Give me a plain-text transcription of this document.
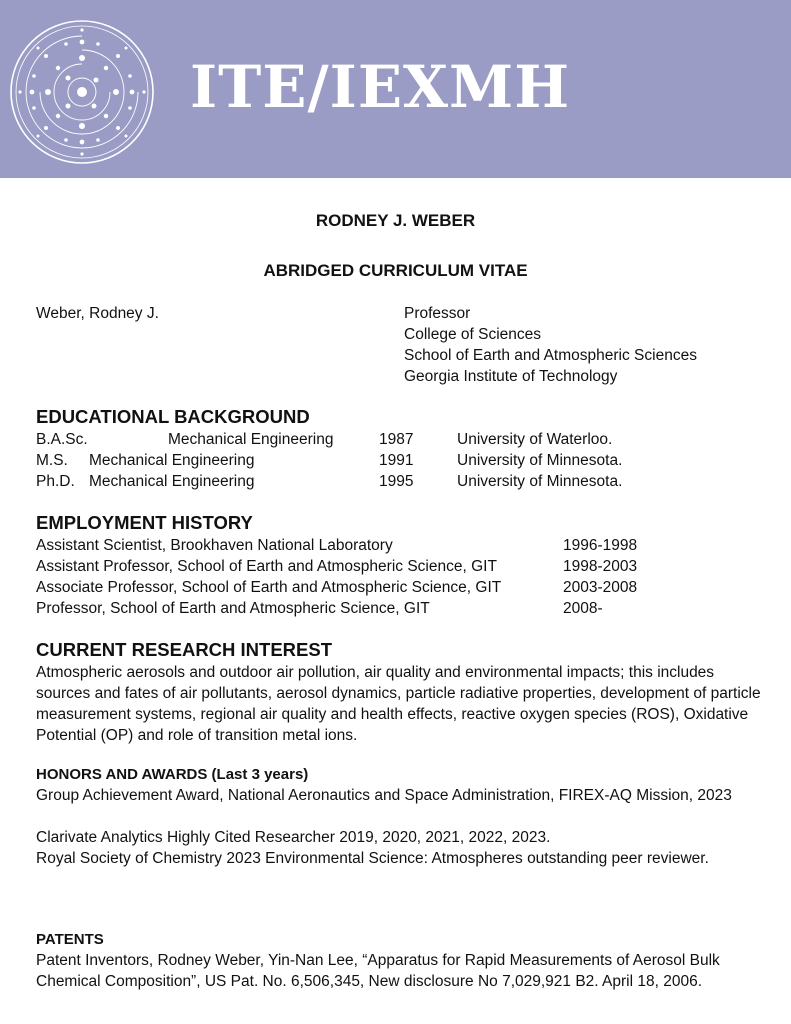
ITE/IEXMH
RODNEY J. WEBER
ABRIDGED CURRICULUM VITAE
Weber, Rodney J.	Professor
College of Sciences
School of Earth and Atmospheric Sciences
Georgia Institute of Technology
EDUCATIONAL BACKGROUND
B.A.Sc.	Mechanical Engineering	1987	University of Waterloo.
M.S. Mechanical Engineering	1991	University of Minnesota.
Ph.D. Mechanical Engineering	1995	University of Minnesota.
EMPLOYMENT HISTORY
Assistant Scientist, Brookhaven National Laboratory	1996-1998
Assistant Professor, School of Earth and Atmospheric Science, GIT	1998-2003
Associate Professor, School of Earth and Atmospheric Science, GIT	2003-2008
Professor, School of Earth and Atmospheric Science, GIT	2008-
CURRENT RESEARCH INTEREST
Atmospheric aerosols and outdoor air pollution, air quality and environmental impacts; this includes sources and fates of air pollutants, aerosol dynamics, particle radiative properties, development of particle measurement systems, regional air quality and health effects, reactive oxygen species (ROS), Oxidative Potential (OP) and role of transition metal ions.
HONORS AND AWARDS (Last 3 years)
Group Achievement Award, National Aeronautics and Space Administration, FIREX-AQ Mission, 2023
Clarivate Analytics Highly Cited Researcher 2019, 2020, 2021, 2022, 2023.
Royal Society of Chemistry 2023 Environmental Science: Atmospheres outstanding peer reviewer.
PATENTS
Patent Inventors, Rodney Weber, Yin-Nan Lee, “Apparatus for Rapid Measurements of Aerosol Bulk Chemical Composition”, US Pat. No. 6,506,345, New disclosure No 7,029,921 B2. April 18, 2006.
